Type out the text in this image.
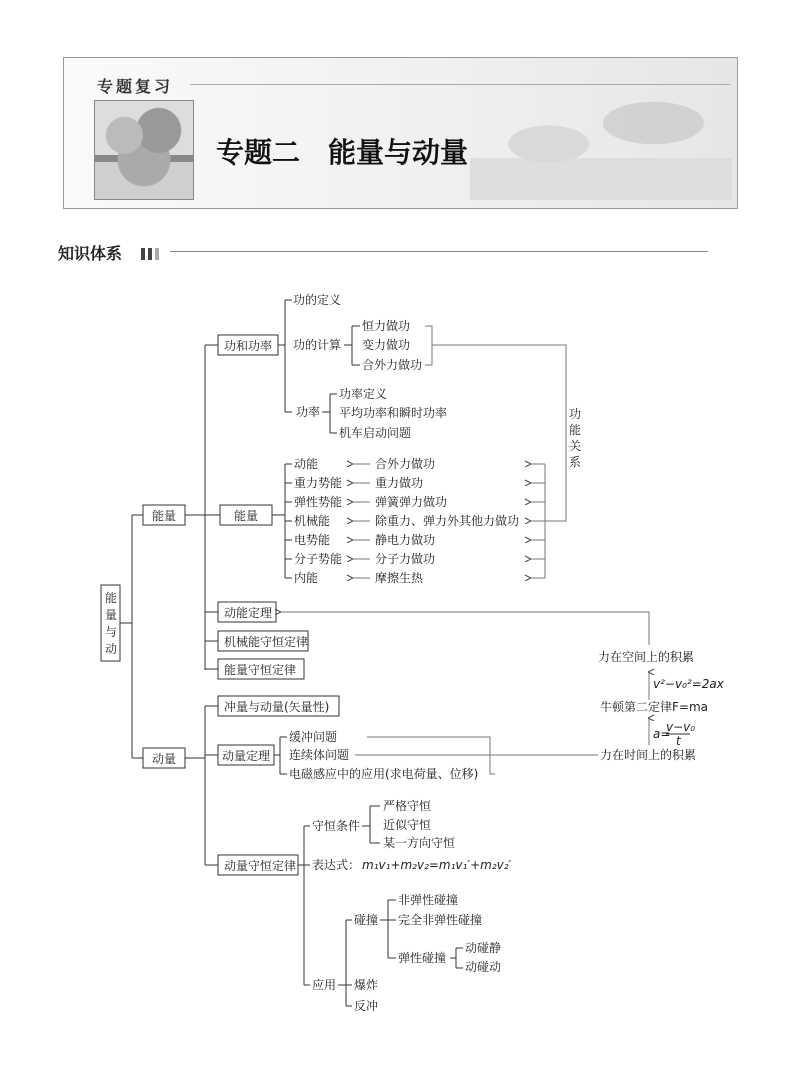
专题复习
专题二　能量与动量
知识体系
能
量
与
动
能量
功和功率
功的定义
功的计算
恒力做功
变力做功
合外力做功
功率
功率定义
平均功率和瞬时功率
机车启动问题
功
能
关
系
能量
动能	合外力做功
重力势能	重力做功
弹性势能	弹簧弹力做功
机械能	除重力、弹力外其他力做功
电势能	静电力做功
分子势能	分子力做功
内能	摩擦生热
动能定理
机械能守恒定律
能量守恒定律
力在空间上的积累
v²−v₀²=2ax
牛顿第二定律F=ma
a=
v−v₀
t
力在时间上的积累
动量
冲量与动量(矢量性)
动量定理
缓冲问题
连续体问题
电磁感应中的应用(求电荷量、位移)
动量守恒定律
守恒条件
严格守恒
近似守恒
某一方向守恒
表达式： m₁v₁+m₂v₂=m₁v₁′+m₂v₂′
应用
碰撞
非弹性碰撞
完全非弹性碰撞
弹性碰撞
动碰静
动碰动
爆炸
反冲
